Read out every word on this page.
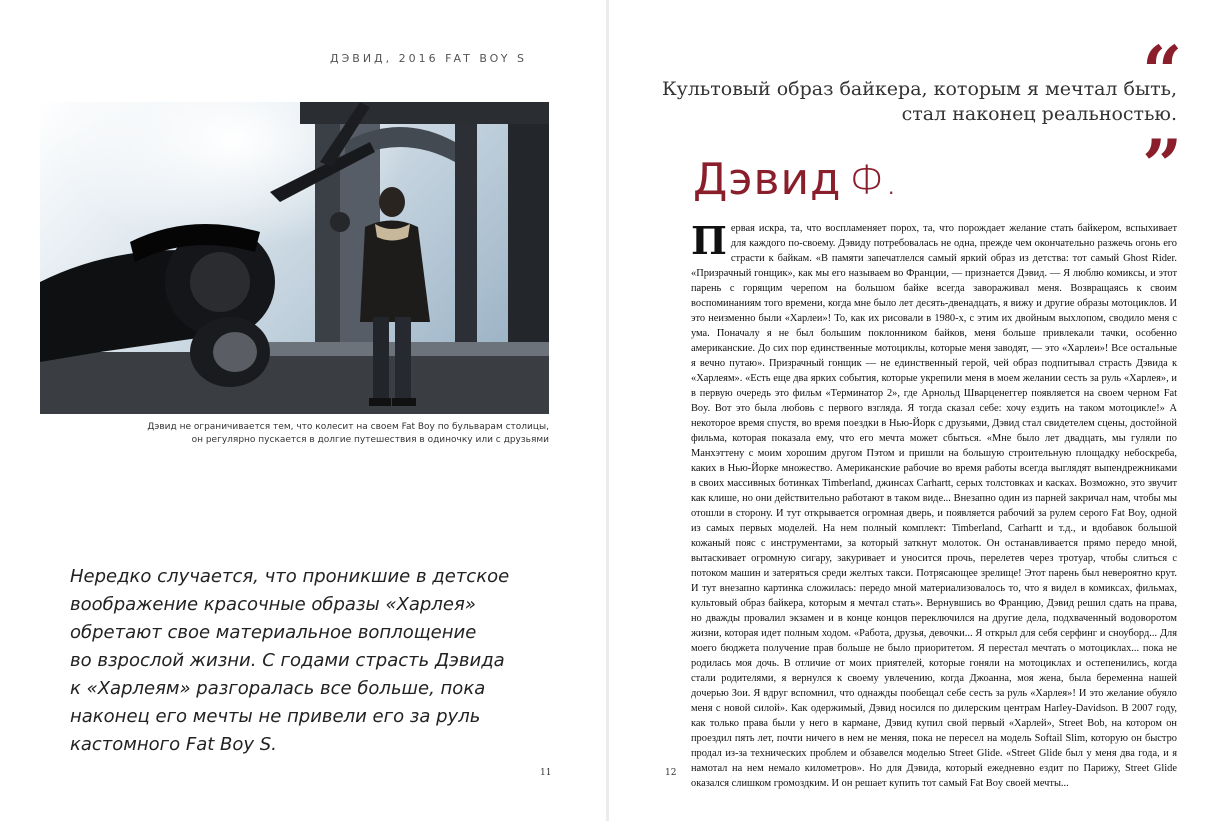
ДЭВИД, 2016 FAT BOY S

Дэвид не ограничивается тем, что колесит на своем Fat Boy по бульварам столицы,

он регулярно пускается в долгие путешествия в одиночку или с друзьями

Нередко случается, что проникшие в детское

воображение красочные образы «Харлея»

обретают свое материальное воплощение

во взрослой жизни. С годами страсть Дэвида

к «Харлеям» разгоралась все больше, пока

наконец его мечты не привели его за руль

кастомного Fat Boy S.

11
“

Культовый образ байкера, которым я мечтал быть,

стал наконец реальностью.

”
Дэвид Ф.
Первая искра, та, что воспламеняет порох, та, что порождает желание стать байкером, вспыхивает для каждого по-своему. Дэвиду потребовалась не одна, прежде чем окончательно разжечь огонь его страсти к байкам. «В памяти запечатлелся самый яркий образ из детства: тот самый Ghost Rider. «Призрачный гонщик», как мы его называем во Франции, — признается Дэвид. — Я люблю комиксы, и этот парень с горящим черепом на большом байке всегда завораживал меня. Возвращаясь к своим воспоминаниям того времени, когда мне было лет десять-двенадцать, я вижу и другие образы мотоциклов. И это неизменно были «Харлеи»! То, как их рисовали в 1980-х, с этим их двойным выхлопом, сводило меня с ума. Поначалу я не был большим поклонником байков, меня больше привлекали тачки, особенно американские. До сих пор единственные мотоциклы, которые меня заводят, — это «Харлеи»! Все остальные я вечно путаю». Призрачный гонщик — не единственный герой, чей образ подпитывал страсть Дэвида к «Харлеям». «Есть еще два ярких события, которые укрепили меня в моем желании сесть за руль «Харлея», и в первую очередь это фильм «Терминатор 2», где Арнольд Шварценеггер появляется на своем черном Fat Boy. Вот это была любовь с первого взгляда. Я тогда сказал себе: хочу ездить на таком мотоцикле!» А некоторое время спустя, во время поездки в Нью-Йорк с друзьями, Дэвид стал свидетелем сцены, достойной фильма, которая показала ему, что его мечта может сбыться. «Мне было лет двадцать, мы гуляли по Манхэттену с моим хорошим другом Пэтом и пришли на большую строительную площадку небоскреба, каких в Нью-Йорке множество. Американские рабочие во время работы всегда выглядят выпендрежниками в своих массивных ботинках Timberland, джинсах Carhartt, серых толстовках и касках. Возможно, это звучит как клише, но они действительно работают в таком виде... Внезапно один из парней закричал нам, чтобы мы отошли в сторону. И тут открывается огромная дверь, и появляется рабочий за рулем серого Fat Boy, одной из самых первых моделей. На нем полный комплект: Timberland, Carhartt и т.д., и вдобавок большой кожаный пояс с инструментами, за который заткнут молоток. Он останавливается прямо передо мной, вытаскивает огромную сигару, закуривает и уносится прочь, перелетев через тротуар, чтобы слиться с потоком машин и затеряться среди желтых такси. Потрясающее зрелище! Этот парень был невероятно крут. И тут внезапно картинка сложилась: передо мной материализовалось то, что я видел в комиксах, фильмах, культовый образ байкера, которым я мечтал стать». Вернувшись во Францию, Дэвид решил сдать на права, но дважды провалил экзамен и в конце концов переключился на другие дела, подхваченный водоворотом жизни, которая идет полным ходом. «Работа, друзья, девочки... Я открыл для себя серфинг и сноуборд... Для моего бюджета получение прав больше не было приоритетом. Я перестал мечтать о мотоциклах... пока не родилась моя дочь. В отличие от моих приятелей, которые гоняли на мотоциклах и остепенились, когда стали родителями, я вернулся к своему увлечению, когда Джоанна, моя жена, была беременна нашей дочерью Зои. Я вдруг вспомнил, что однажды пообещал себе сесть за руль «Харлея»! И это желание обуяло меня с новой силой». Как одержимый, Дэвид носился по дилерским центрам Harley-Davidson. В 2007 году, как только права были у него в кармане, Дэвид купил свой первый «Харлей», Street Bob, на котором он проездил пять лет, почти ничего в нем не меняя, пока не пересел на модель Softail Slim, которую он быстро продал из-за технических проблем и обзавелся моделью Street Glide. «Street Glide был у меня два года, и я намотал на нем немало километров». Но для Дэвида, который ежедневно ездит по Парижу, Street Glide оказался слишком громоздким. И он решает купить тот самый Fat Boy своей мечты...
12
